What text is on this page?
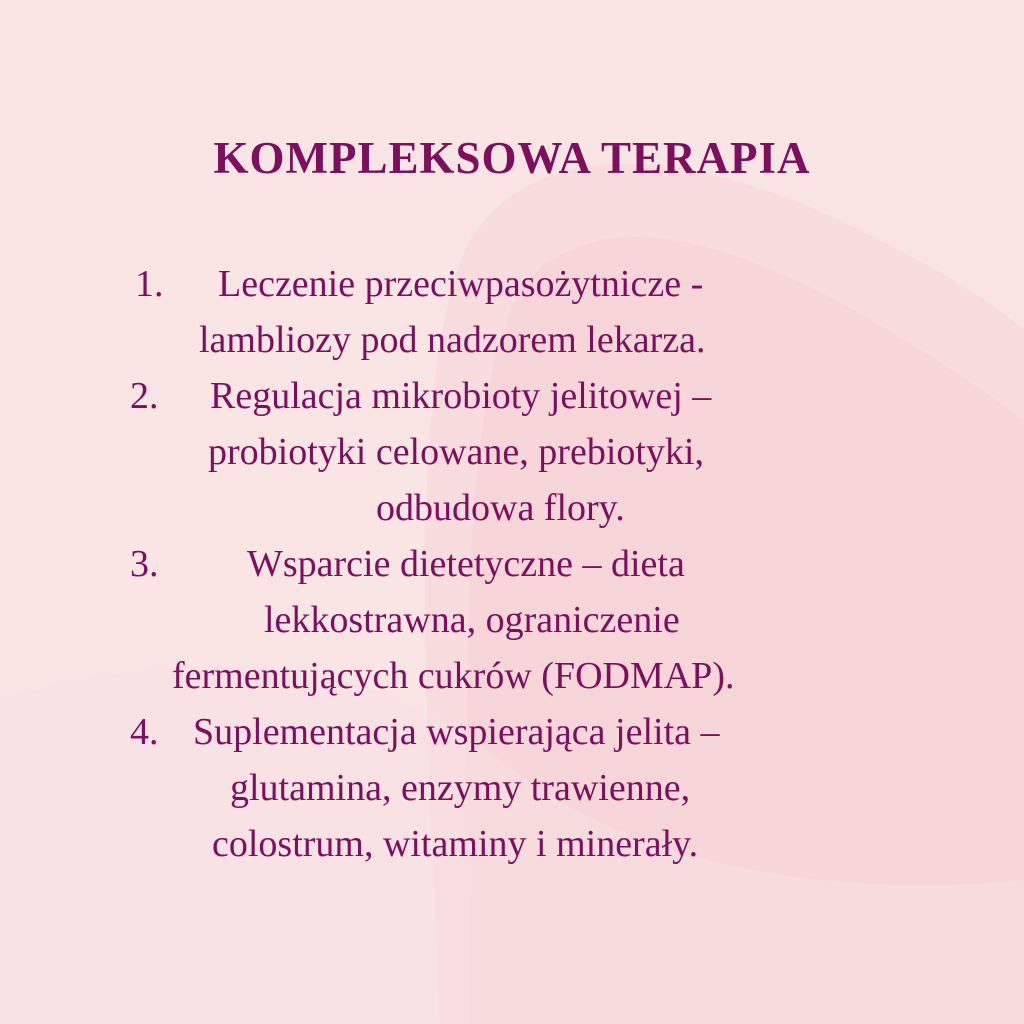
KOMPLEKSOWA TERAPIA
1. Leczenie przeciwpasożytnicze -
lambliozy pod nadzorem lekarza.
2. Regulacja mikrobioty jelitowej –
probiotyki celowane, prebiotyki,
odbudowa flory.
3. Wsparcie dietetyczne – dieta
lekkostrawna, ograniczenie
fermentujących cukrów (FODMAP).
4. Suplementacja wspierająca jelita –
glutamina, enzymy trawienne,
colostrum, witaminy i minerały.
